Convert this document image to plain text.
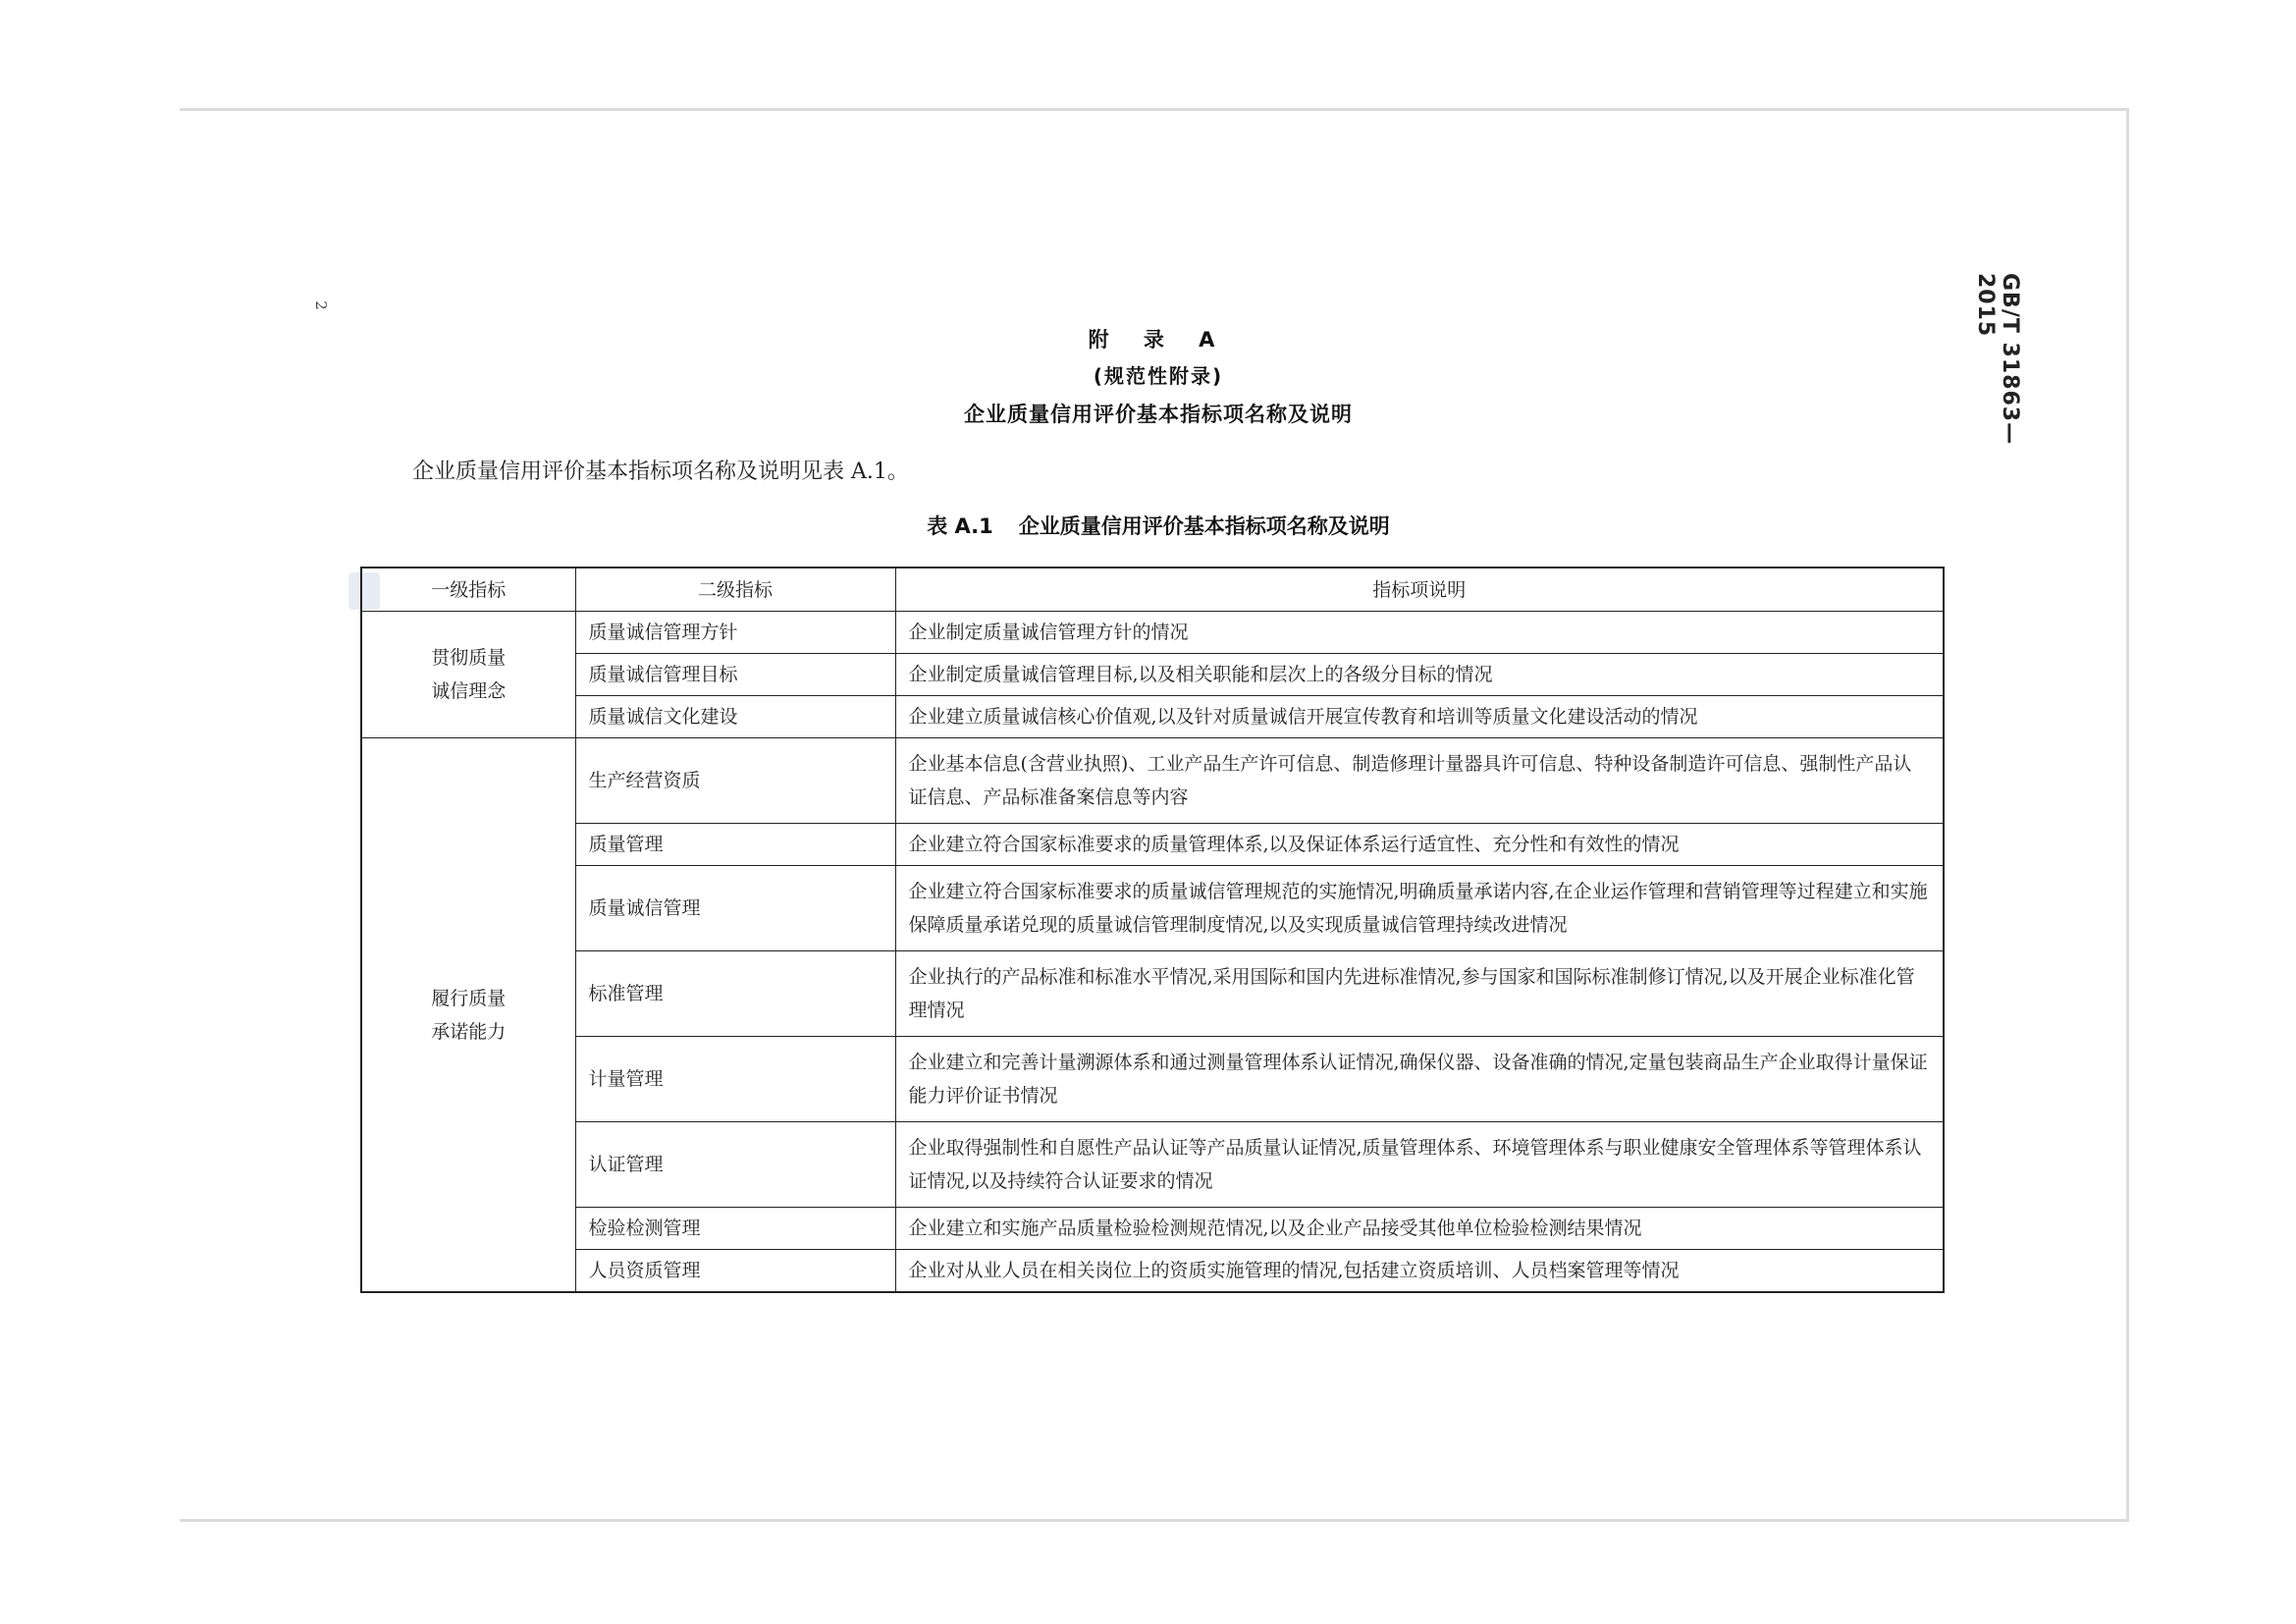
2	GB/T 31863—2015
附 录 A
(规范性附录)
企业质量信用评价基本指标项名称及说明
企业质量信用评价基本指标项名称及说明见表 A.1。
表 A.1 企业质量信用评价基本指标项名称及说明
一级指标	二级指标	指标项说明

贯彻质量
诚信理念	质量诚信管理方针	企业制定质量诚信管理方针的情况
	质量诚信管理目标	企业制定质量诚信管理目标,以及相关职能和层次上的各级分目标的情况
	质量诚信文化建设	企业建立质量诚信核心价值观,以及针对质量诚信开展宣传教育和培训等质量文化建设活动的情况

履行质量
承诺能力	生产经营资质	企业基本信息(含营业执照)、工业产品生产许可信息、制造修理计量器具许可信息、特种设备制造许可信息、强制性产品认证信息、产品标准备案信息等内容
	质量管理	企业建立符合国家标准要求的质量管理体系,以及保证体系运行适宜性、充分性和有效性的情况
	质量诚信管理	企业建立符合国家标准要求的质量诚信管理规范的实施情况,明确质量承诺内容,在企业运作管理和营销管理等过程建立和实施保障质量承诺兑现的质量诚信管理制度情况,以及实现质量诚信管理持续改进情况
	标准管理	企业执行的产品标准和标准水平情况,采用国际和国内先进标准情况,参与国家和国际标准制修订情况,以及开展企业标准化管理情况
	计量管理	企业建立和完善计量溯源体系和通过测量管理体系认证情况,确保仪器、设备准确的情况,定量包装商品生产企业取得计量保证能力评价证书情况
	认证管理	企业取得强制性和自愿性产品认证等产品质量认证情况,质量管理体系、环境管理体系与职业健康安全管理体系等管理体系认证情况,以及持续符合认证要求的情况
	检验检测管理	企业建立和实施产品质量检验检测规范情况,以及企业产品接受其他单位检验检测结果情况
	人员资质管理	企业对从业人员在相关岗位上的资质实施管理的情况,包括建立资质培训、人员档案管理等情况
